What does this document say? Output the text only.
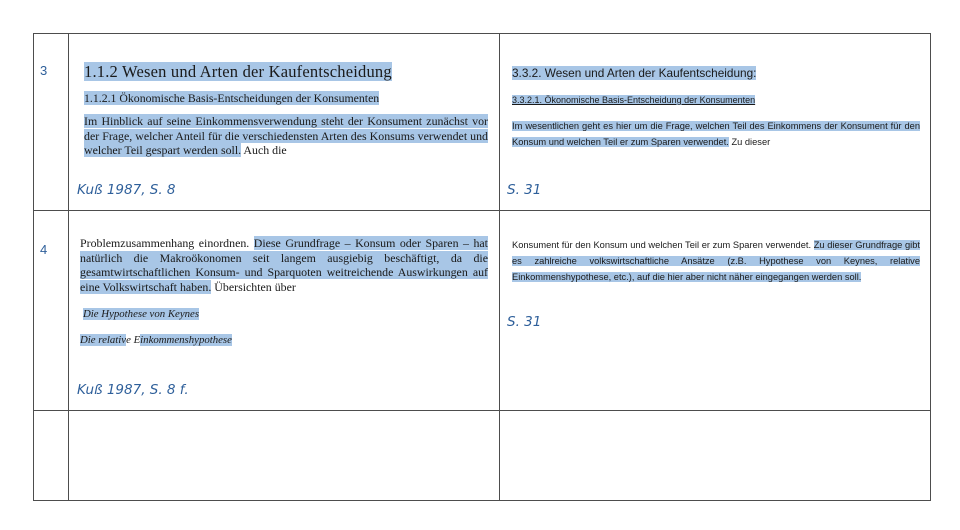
3 1.1.2 Wesen und Arten der Kaufentscheidung
1.1.2.1 Ökonomische Basis-Entscheidungen der Konsumenten
Im Hinblick auf seine Einkommensverwendung steht der Konsument zunächst vor der Frage, welcher Anteil für die verschiedensten Arten des Konsums verwendet und welcher Teil gespart werden soll. Auch die
Kuß 1987, S. 8
3.3.2. Wesen und Arten der Kaufentscheidung:
3.3.2.1. Ökonomische Basis-Entscheidung der Konsumenten
Im wesentlichen geht es hier um die Frage, welchen Teil des Einkommens der Konsument für den Konsum und welchen Teil er zum Sparen verwendet. Zu dieser
S. 31
4	Problemzusammenhang einordnen. Diese Grundfrage – Konsum oder Sparen – hat natürlich die Makroökonomen seit langem ausgiebig beschäftigt, da die gesamtwirtschaftlichen Konsum- und Sparquoten weitreichende Auswirkungen auf eine Volkswirtschaft haben. Übersichten über
Die Hypothese von Keynes
Die relative Einkommenshypothese
Kuß 1987, S. 8 f.
Konsument für den Konsum und welchen Teil er zum Sparen verwendet. Zu dieser Grundfrage gibt es zahlreiche volkswirtschaftliche Ansätze (z.B. Hypothese von Keynes, relative Einkommenshypothese, etc.), auf die hier aber nicht näher eingegangen werden soll.
S. 31
